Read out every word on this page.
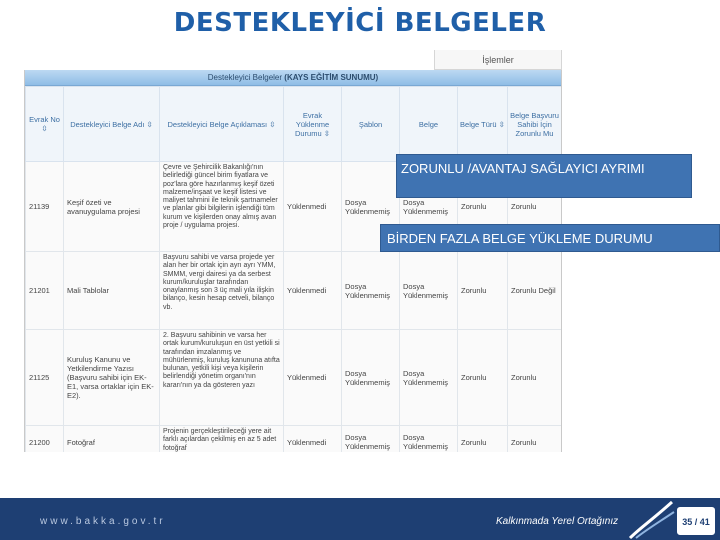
DESTEKLEYİCİ BELGELER
İşlemler
Destekleyici Belgeler (KAYS EĞİTİM SUNUMU)
Evrak No ⇳	Destekleyici Belge Adı ⇳	Destekleyici Belge Açıklaması ⇳	Evrak Yüklenme Durumu ⇳	Şablon	Belge	Belge Türü ⇳	Belge Başvuru Sahibi İçin Zorunlu Mu
21139	Keşif özeti ve avanuygulama projesi	Çevre ve Şehircilik Bakanlığı'nın belirlediği güncel birim fiyatlara ve poz'lara göre hazırlanmış keşif özeti malzeme/inşaat ve keşif listesi ve maliyet tahmini ile teknik şartnameler ve planlar gibi bilgilerin işlendiği tüm kurum ve kişilerden onay almış avan proje / uygulama projesi.	Yüklenmedi	Dosya Yüklenmemiş	Dosya Yüklenmemiş	Zorunlu	Zorunlu
21201	Mali Tablolar	Başvuru sahibi ve varsa projede yer alan her bir ortak için ayrı ayrı YMM, SMMM, vergi dairesi ya da serbest kurum/kuruluşlar tarafından onaylanmış son 3 üç mali yıla ilişkin bilanço, kesin hesap cetveli, bilanço vb.	Yüklenmedi	Dosya Yüklenmemiş	Dosya Yüklenmemiş	Zorunlu	Zorunlu Değil
21125	Kuruluş Kanunu ve Yetkilendirme Yazısı (Başvuru sahibi için EK-E1, varsa ortaklar için EK-E2).	2. Başvuru sahibinin ve varsa her ortak kurum/kuruluşun en üst yetkili si tarafından imzalanmış ve mühürlenmiş, kuruluş kanununa atıfta bulunan, yetkili kişi veya kişilerin belirlendiği yönetim organı'nın kararı'nın ya da gösteren yazı	Yüklenmedi	Dosya Yüklenmemiş	Dosya Yüklenmemiş	Zorunlu	Zorunlu
21200	Fotoğraf	Projenin gerçekleştirileceği yere ait farklı açılardan çekilmiş en az 5 adet fotoğraf	Yüklenmedi	Dosya Yüklenmemiş	Dosya Yüklenmemiş	Zorunlu	Zorunlu
ZORUNLU /AVANTAJ SAĞLAYICI AYRIMI
BİRDEN FAZLA BELGE YÜKLEME DURUMU
www.bakka.gov.tr	Kalkınmada Yerel Ortağınız	35 / 41
